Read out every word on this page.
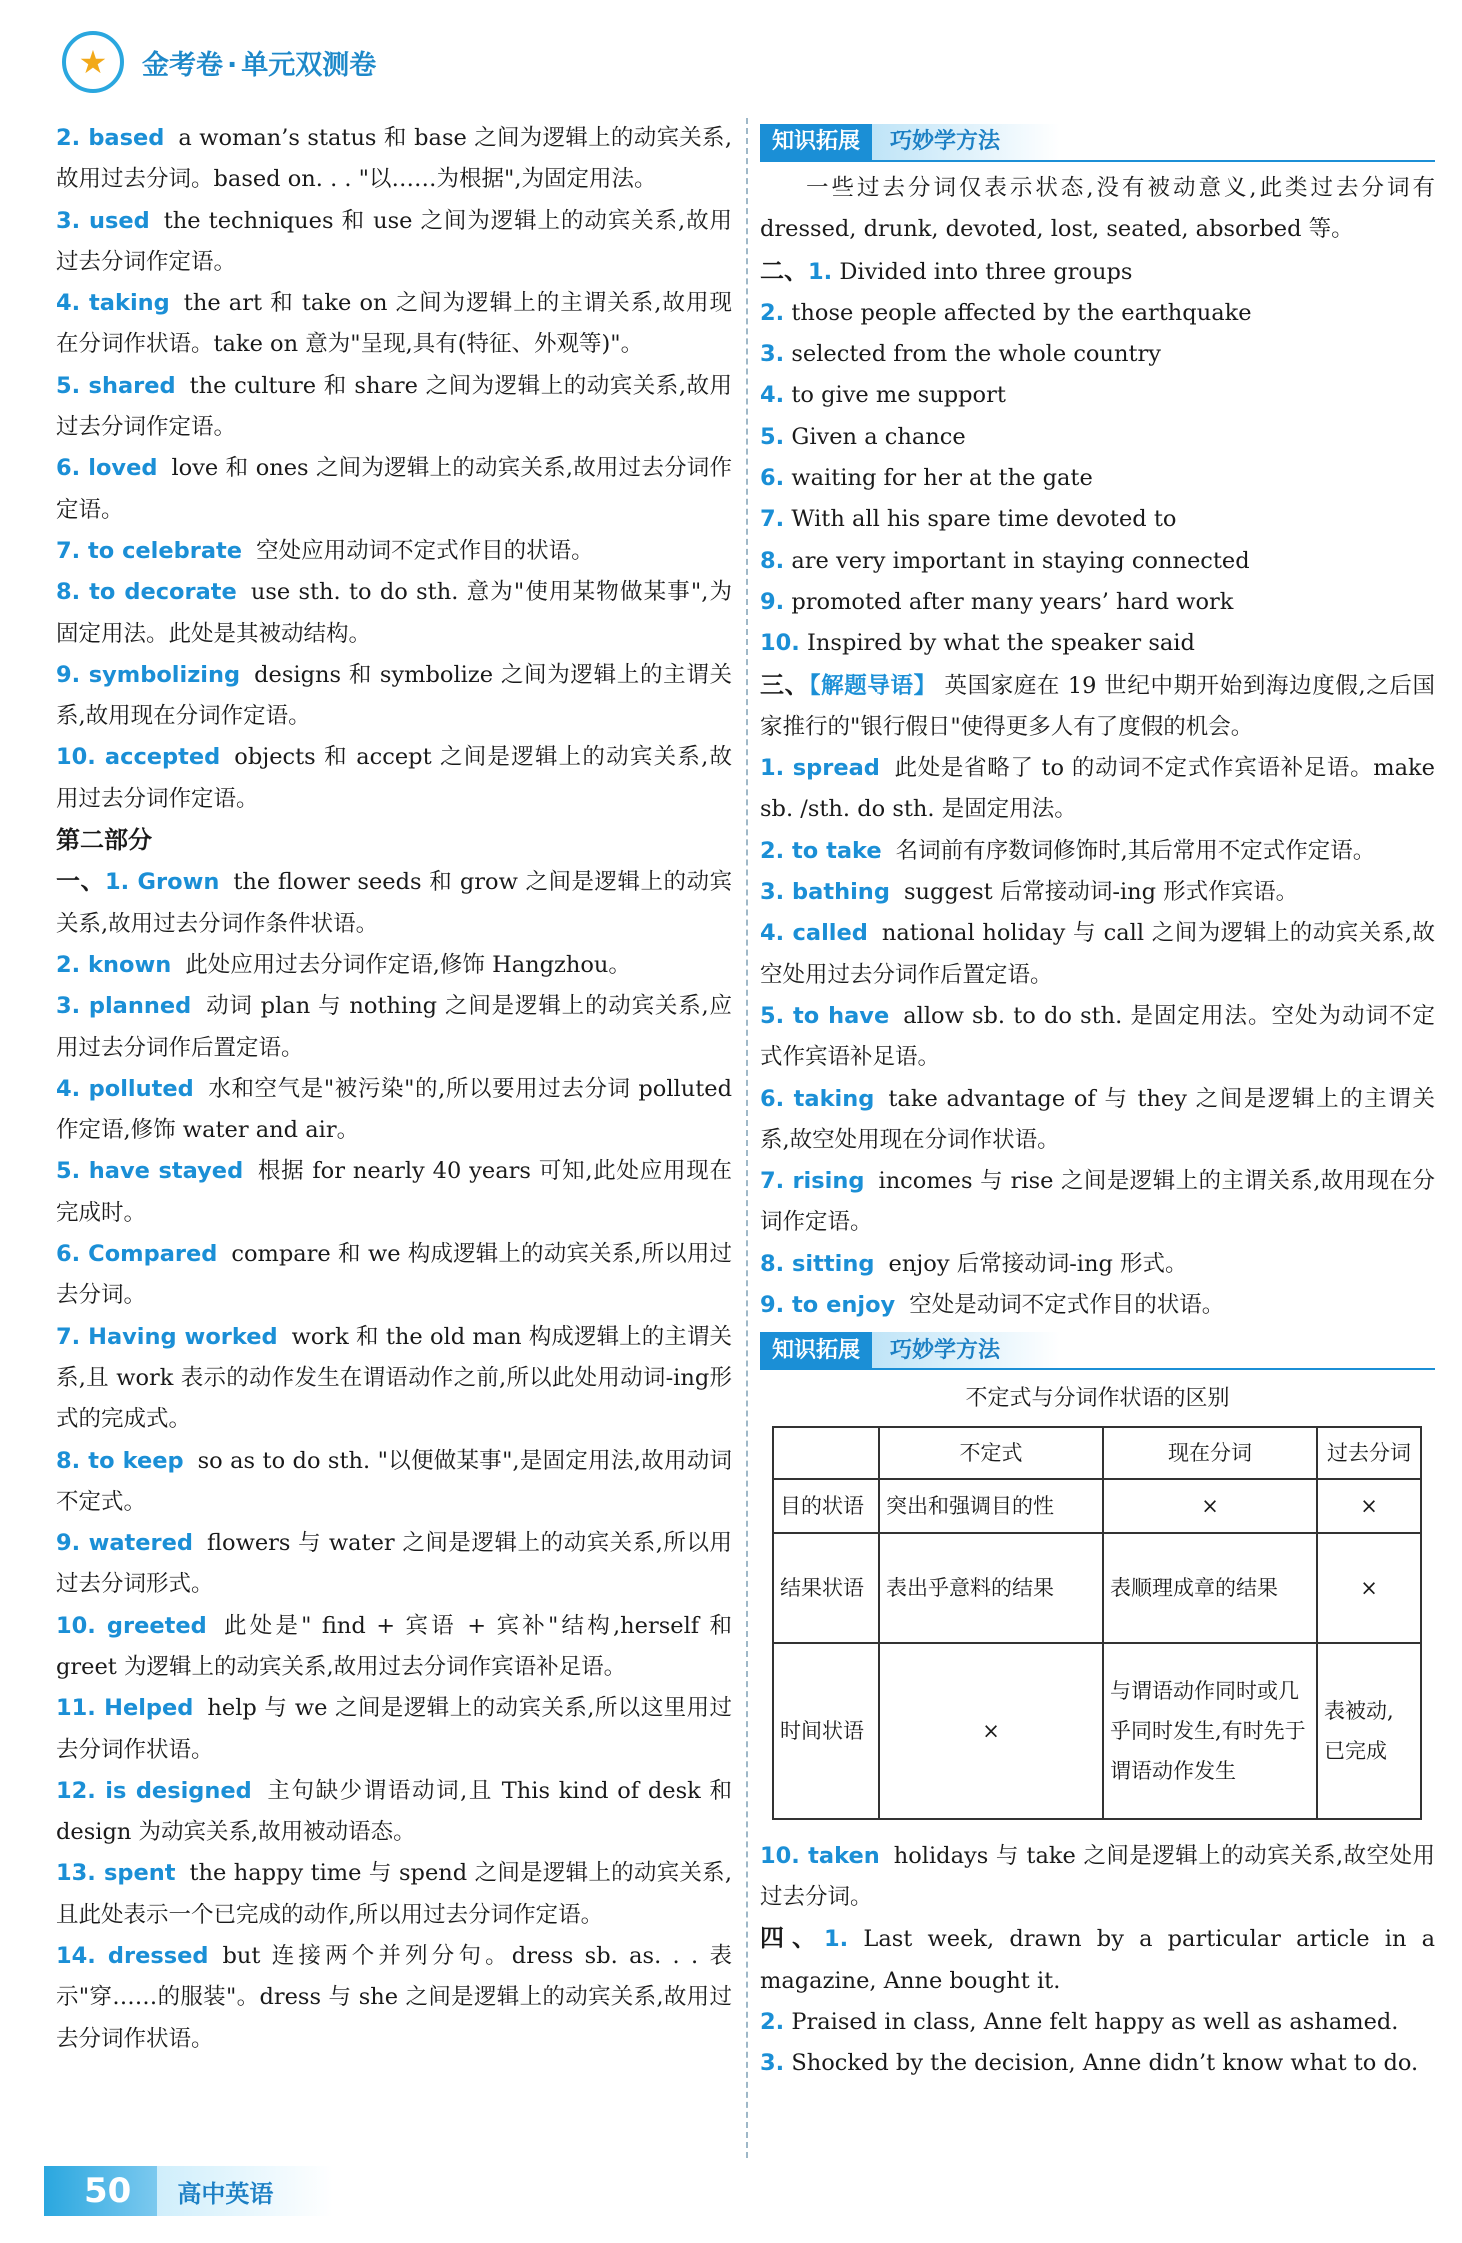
★ 金考卷 · 单元双测卷

2. based a woman’s status 和 base 之间为逻辑上的动宾关系,故用过去分词。based on. . . "以……为根据",为固定用法。

3. used the techniques 和 use 之间为逻辑上的动宾关系,故用过去分词作定语。

4. taking the art 和 take on 之间为逻辑上的主谓关系,故用现在分词作状语。take on 意为"呈现,具有(特征、外观等)"。

5. shared the culture 和 share 之间为逻辑上的动宾关系,故用过去分词作定语。

6. loved love 和 ones 之间为逻辑上的动宾关系,故用过去分词作定语。

7. to celebrate 空处应用动词不定式作目的状语。

8. to decorate use sth. to do sth. 意为"使用某物做某事",为固定用法。此处是其被动结构。

9. symbolizing designs 和 symbolize 之间为逻辑上的主谓关系,故用现在分词作定语。

10. accepted objects 和 accept 之间是逻辑上的动宾关系,故用过去分词作定语。

第二部分

一、1. Grown the flower seeds 和 grow 之间是逻辑上的动宾关系,故用过去分词作条件状语。

2. known 此处应用过去分词作定语,修饰 Hangzhou。

3. planned 动词 plan 与 nothing 之间是逻辑上的动宾关系,应用过去分词作后置定语。

4. polluted 水和空气是"被污染"的,所以要用过去分词 polluted 作定语,修饰 water and air。

5. have stayed 根据 for nearly 40 years 可知,此处应用现在完成时。

6. Compared compare 和 we 构成逻辑上的动宾关系,所以用过去分词。

7. Having worked work 和 the old man 构成逻辑上的主谓关系,且 work 表示的动作发生在谓语动作之前,所以此处用动词-ing形式的完成式。

8. to keep so as to do sth. "以便做某事",是固定用法,故用动词不定式。

9. watered flowers 与 water 之间是逻辑上的动宾关系,所以用过去分词形式。

10. greeted 此处是" find + 宾语 + 宾补"结构,herself 和 greet 为逻辑上的动宾关系,故用过去分词作宾语补足语。

11. Helped help 与 we 之间是逻辑上的动宾关系,所以这里用过去分词作状语。

12. is designed 主句缺少谓语动词,且 This kind of desk 和 design 为动宾关系,故用被动语态。

13. spent the happy time 与 spend 之间是逻辑上的动宾关系,且此处表示一个已完成的动作,所以用过去分词作定语。

14. dressed but 连接两个并列分句。dress sb. as. . . 表示"穿……的服装"。dress 与 she 之间是逻辑上的动宾关系,故用过去分词作状语。

知识拓展	巧妙学方法

一些过去分词仅表示状态,没有被动意义,此类过去分词有 dressed, drunk, devoted, lost, seated, absorbed 等。

二、1. Divided into three groups

2. those people affected by the earthquake

3. selected from the whole country

4. to give me support

5. Given a chance

6. waiting for her at the gate

7. With all his spare time devoted to

8. are very important in staying connected

9. promoted after many years’ hard work

10. Inspired by what the speaker said

三、【解题导语】 英国家庭在 19 世纪中期开始到海边度假,之后国家推行的"银行假日"使得更多人有了度假的机会。

1. spread 此处是省略了 to 的动词不定式作宾语补足语。make sb. /sth. do sth. 是固定用法。

2. to take 名词前有序数词修饰时,其后常用不定式作定语。

3. bathing suggest 后常接动词-ing 形式作宾语。

4. called national holiday 与 call 之间为逻辑上的动宾关系,故空处用过去分词作后置定语。

5. to have allow sb. to do sth. 是固定用法。空处为动词不定式作宾语补足语。

6. taking take advantage of 与 they 之间是逻辑上的主谓关系,故空处用现在分词作状语。

7. rising incomes 与 rise 之间是逻辑上的主谓关系,故用现在分词作定语。

8. sitting enjoy 后常接动词-ing 形式。

9. to enjoy 空处是动词不定式作目的状语。

知识拓展	巧妙学方法
不定式与分词作状语的区别
	不定式	现在分词	过去分词
目的状语	突出和强调目的性	×	×
结果状语	表出乎意料的结果	表顺理成章的结果	×
时间状语	×	与谓语动作同时或几乎同时发生,有时先于谓语动作发生	表被动,已完成

10. taken holidays 与 take 之间是逻辑上的动宾关系,故空处用过去分词。

四、1. Last week, drawn by a particular article in a magazine, Anne bought it.

2. Praised in class, Anne felt happy as well as ashamed.

3. Shocked by the decision, Anne didn’t know what to do.

50	高中英语
